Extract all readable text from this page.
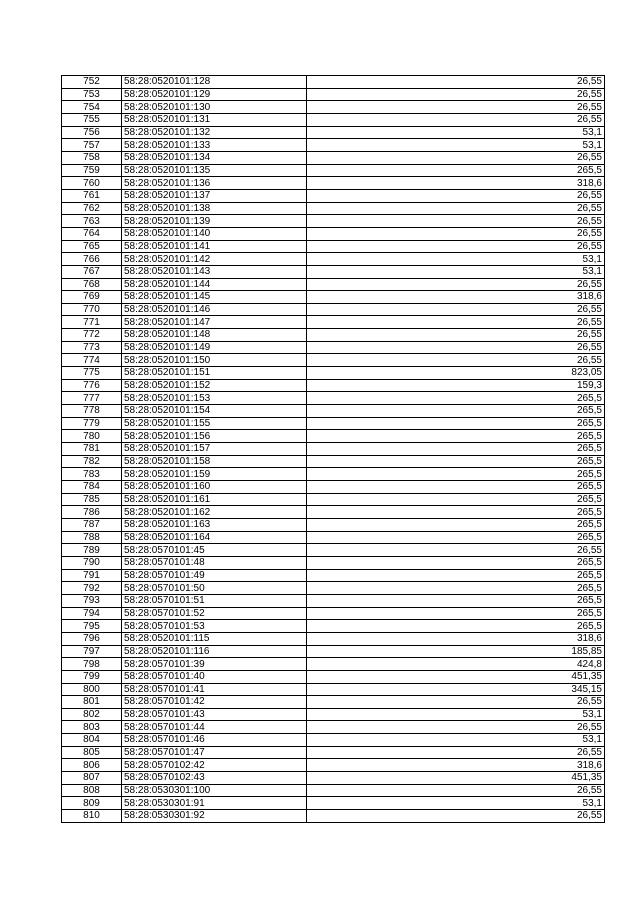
752	58:28:0520101:128	26,55
753	58:28:0520101:129	26,55
754	58:28:0520101:130	26,55
755	58:28:0520101:131	26,55
756	58:28:0520101:132	53,1
757	58:28:0520101:133	53,1
758	58:28:0520101:134	26,55
759	58:28:0520101:135	265,5
760	58:28:0520101:136	318,6
761	58:28:0520101:137	26,55
762	58:28:0520101:138	26,55
763	58:28:0520101:139	26,55
764	58:28:0520101:140	26,55
765	58:28:0520101:141	26,55
766	58:28:0520101:142	53,1
767	58:28:0520101:143	53,1
768	58:28:0520101:144	26,55
769	58:28:0520101:145	318,6
770	58:28:0520101:146	26,55
771	58:28:0520101:147	26,55
772	58:28:0520101:148	26,55
773	58:28:0520101:149	26,55
774	58:28:0520101:150	26,55
775	58:28:0520101:151	823,05
776	58:28:0520101:152	159,3
777	58:28:0520101:153	265,5
778	58:28:0520101:154	265,5
779	58:28:0520101:155	265,5
780	58:28:0520101:156	265,5
781	58:28:0520101:157	265,5
782	58:28:0520101:158	265,5
783	58:28:0520101:159	265,5
784	58:28:0520101:160	265,5
785	58:28:0520101:161	265,5
786	58:28:0520101:162	265,5
787	58:28:0520101:163	265,5
788	58:28:0520101:164	265,5
789	58:28:0570101:45	26,55
790	58:28:0570101:48	265,5
791	58:28:0570101:49	265,5
792	58:28:0570101:50	265,5
793	58:28:0570101:51	265,5
794	58:28:0570101:52	265,5
795	58:28:0570101:53	265,5
796	58:28:0520101:115	318,6
797	58:28:0520101:116	185,85
798	58:28:0570101:39	424,8
799	58:28:0570101:40	451,35
800	58:28:0570101:41	345,15
801	58:28:0570101:42	26,55
802	58:28:0570101:43	53,1
803	58:28:0570101:44	26,55
804	58:28:0570101:46	53,1
805	58:28:0570101:47	26,55
806	58:28:0570102:42	318,6
807	58:28:0570102:43	451,35
808	58:28:0530301:100	26,55
809	58:28:0530301:91	53,1
810	58:28:0530301:92	26,55
